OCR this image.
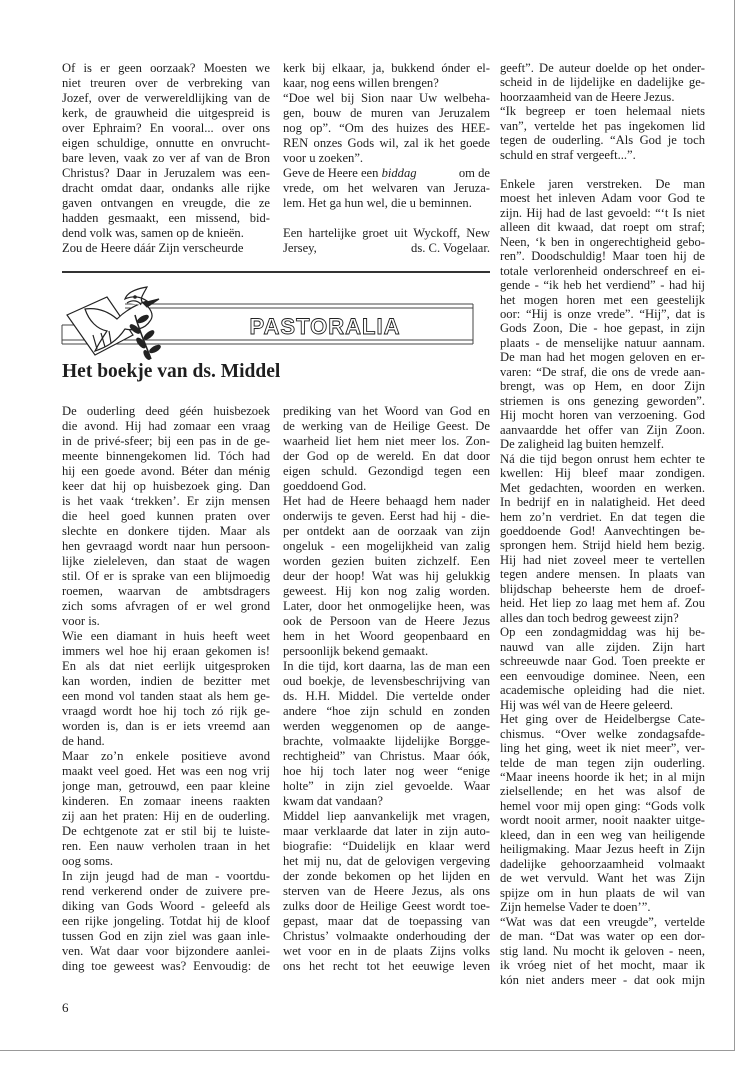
Of is er geen oorzaak? Moesten we
niet treuren over de verbreking van
Jozef, over de verwereldlijking van de
kerk, de grauwheid die uitgespreid is
over Ephraim? En vooral... over ons
eigen schuldige, onnutte en onvrucht-
bare leven, vaak zo ver af van de Bron
Christus? Daar in Jeruzalem was een-
dracht omdat daar, ondanks alle rijke
gaven ontvangen en vreugde, die ze
hadden gesmaakt, een missend, bid-
dend volk was, samen op de knieën.
Zou de Heere dáár Zijn verscheurde
kerk bij elkaar, ja, bukkend ónder el-
kaar, nog eens willen brengen?
“Doe wel bij Sion naar Uw welbeha-
gen, bouw de muren van Jeruzalem
nog op”. “Om des huizes des HEE-
REN onzes Gods wil, zal ik het goede
voor u zoeken”.
Geve de Heere een biddag	om de
vrede, om het welvaren van Jeruza-
lem. Het ga hun wel, die u beminnen.
Een hartelijke groet uit Wyckoff, New
Jersey,	ds. C. Vogelaar.
PASTORALIA
Het boekje van ds. Middel
De ouderling deed géén huisbezoek
die avond. Hij had zomaar een vraag
in de privé-sfeer; bij een pas in de ge-
meente binnengekomen lid. Tóch had
hij een goede avond. Béter dan ménig
keer dat hij op huisbezoek ging. Dan
is het vaak ‘trekken’. Er zijn mensen
die heel goed kunnen praten over
slechte en donkere tijden. Maar als
hen gevraagd wordt naar hun persoon-
lijke zieleleven, dan staat de wagen
stil. Of er is sprake van een blijmoedig
roemen, waarvan de ambtsdragers
zich soms afvragen of er wel grond
voor is.
Wie een diamant in huis heeft weet
immers wel hoe hij eraan gekomen is!
En als dat niet eerlijk uitgesproken
kan worden, indien de bezitter met
een mond vol tanden staat als hem ge-
vraagd wordt hoe hij toch zó rijk ge-
worden is, dan is er iets vreemd aan
de hand.
Maar zo’n enkele positieve avond
maakt veel goed. Het was een nog vrij
jonge man, getrouwd, een paar kleine
kinderen. En zomaar ineens raakten
zij aan het praten: Hij en de ouderling.
De echtgenote zat er stil bij te luiste-
ren. Een nauw verholen traan in het
oog soms.
In zijn jeugd had de man - voortdu-
rend verkerend onder de zuivere pre-
diking van Gods Woord - geleefd als
een rijke jongeling. Totdat hij de kloof
tussen God en zijn ziel was gaan inle-
ven. Wat daar voor bijzondere aanlei-
ding toe geweest was? Eenvoudig: de
prediking van het Woord van God en
de werking van de Heilige Geest. De
waarheid liet hem niet meer los. Zon-
der God op de wereld. En dat door
eigen schuld. Gezondigd tegen een
goeddoend God.
Het had de Heere behaagd hem nader
onderwijs te geven. Eerst had hij - die-
per ontdekt aan de oorzaak van zijn
ongeluk - een mogelijkheid van zalig
worden gezien buiten zichzelf. Een
deur der hoop! Wat was hij gelukkig
geweest. Hij kon nog zalig worden.
Later, door het onmogelijke heen, was
ook de Persoon van de Heere Jezus
hem in het Woord geopenbaard en
persoonlijk bekend gemaakt.
In die tijd, kort daarna, las de man een
oud boekje, de levensbeschrijving van
ds. H.H. Middel. Die vertelde onder
andere “hoe zijn schuld en zonden
werden weggenomen op de aange-
brachte, volmaakte lijdelijke Borgge-
rechtigheid” van Christus. Maar óók,
hoe hij toch later nog weer “enige
holte” in zijn ziel gevoelde. Waar
kwam dat vandaan?
Middel liep aanvankelijk met vragen,
maar verklaarde dat later in zijn auto-
biografie: “Duidelijk en klaar werd
het mij nu, dat de gelovigen vergeving
der zonde bekomen op het lijden en
sterven van de Heere Jezus, als ons
zulks door de Heilige Geest wordt toe-
gepast, maar dat de toepassing van
Christus’ volmaakte onderhouding der
wet voor en in de plaats Zijns volks
ons het recht tot het eeuwige leven
geeft”. De auteur doelde op het onder-
scheid in de lijdelijke en dadelijke ge-
hoorzaamheid van de Heere Jezus.
“Ik begreep er toen helemaal niets
van”, vertelde het pas ingekomen lid
tegen de ouderling. “Als God je toch
schuld en straf vergeeft...”.
Enkele jaren verstreken. De man
moest het inleven Adam voor God te
zijn. Hij had de last gevoeld: “‘t Is niet
alleen dit kwaad, dat roept om straf;
Neen, ‘k ben in ongerechtigheid gebo-
ren”. Doodschuldig! Maar toen hij de
totale verlorenheid onderschreef en ei-
gende - “ik heb het verdiend” - had hij
het mogen horen met een geestelijk
oor: “Hij is onze vrede”. “Hij”, dat is
Gods Zoon, Die - hoe gepast, in zijn
plaats - de menselijke natuur aannam.
De man had het mogen geloven en er-
varen: “De straf, die ons de vrede aan-
brengt, was op Hem, en door Zijn
striemen is ons genezing geworden”.
Hij mocht horen van verzoening. God
aanvaardde het offer van Zijn Zoon.
De zaligheid lag buiten hemzelf.
Ná die tijd begon onrust hem echter te
kwellen: Hij bleef maar zondigen.
Met gedachten, woorden en werken.
In bedrijf en in nalatigheid. Het deed
hem zo’n verdriet. En dat tegen die
goeddoende God! Aanvechtingen be-
sprongen hem. Strijd hield hem bezig.
Hij had niet zoveel meer te vertellen
tegen andere mensen. In plaats van
blijdschap beheerste hem de droef-
heid. Het liep zo laag met hem af. Zou
alles dan toch bedrog geweest zijn?
Op een zondagmiddag was hij be-
nauwd van alle zijden. Zijn hart
schreeuwde naar God. Toen preekte er
een eenvoudige dominee. Neen, een
academische opleiding had die niet.
Hij was wél van de Heere geleerd.
Het ging over de Heidelbergse Cate-
chismus. “Over welke zondagsafde-
ling het ging, weet ik niet meer”, ver-
telde de man tegen zijn ouderling.
“Maar ineens hoorde ik het; in al mijn
zielsellende; en het was alsof de
hemel voor mij open ging: “Gods volk
wordt nooit armer, nooit naakter uitge-
kleed, dan in een weg van heiligende
heiligmaking. Maar Jezus heeft in Zijn
dadelijke gehoorzaamheid volmaakt
de wet vervuld. Want het was Zijn
spijze om in hun plaats de wil van
Zijn hemelse Vader te doen’”.
“Wat was dat een vreugde”, vertelde
de man. “Dat was water op een dor-
stig land. Nu mocht ik geloven - neen,
ik vróeg niet of het mocht, maar ik
kón niet anders meer - dat ook mijn
6
